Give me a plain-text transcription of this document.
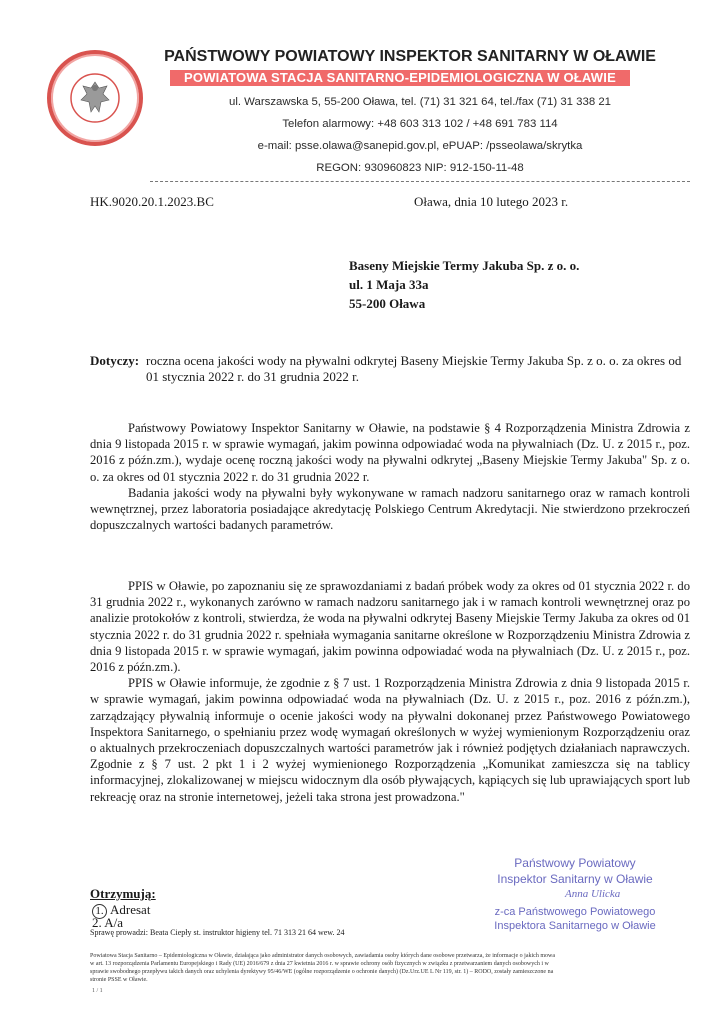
PAŃSTWOWY POWIATOWY INSPEKTOR SANITARNY W OŁAWIE
POWIATOWA STACJA SANITARNO-EPIDEMIOLOGICZNA W OŁAWIE
ul. Warszawska 5, 55-200 Oława, tel. (71) 31 321 64, tel./fax (71) 31 338 21
Telefon alarmowy: +48 603 313 102 / +48 691 783 114
e-mail: psse.olawa@sanepid.gov.pl, ePUAP: /psseolawa/skrytka
REGON: 930960823 NIP: 912-150-11-48
HK.9020.20.1.2023.BC	Oława, dnia 10 lutego 2023 r.
Baseny Miejskie Termy Jakuba Sp. z o. o.
ul. 1 Maja 33a
55-200 Oława
Dotyczy: roczna ocena jakości wody na pływalni odkrytej Baseny Miejskie Termy Jakuba Sp. z o. o. za okres od 01 stycznia 2022 r. do 31 grudnia 2022 r.

Państwowy Powiatowy Inspektor Sanitarny w Oławie, na podstawie § 4 Rozporządzenia Ministra Zdrowia z dnia 9 listopada 2015 r. w sprawie wymagań, jakim powinna odpowiadać woda na pływalniach (Dz. U. z 2015 r., poz. 2016 z późn.zm.), wydaje ocenę roczną jakości wody na pływalni odkrytej „Baseny Miejskie Termy Jakuba" Sp. z o. o. za okres od 01 stycznia 2022 r. do 31 grudnia 2022 r.

Badania jakości wody na pływalni były wykonywane w ramach nadzoru sanitarnego oraz w ramach kontroli wewnętrznej, przez laboratoria posiadające akredytację Polskiego Centrum Akredytacji. Nie stwierdzono przekroczeń dopuszczalnych wartości badanych parametrów.

PPIS w Oławie, po zapoznaniu się ze sprawozdaniami z badań próbek wody za okres od 01 stycznia 2022 r. do 31 grudnia 2022 r., wykonanych zarówno w ramach nadzoru sanitarnego jak i w ramach kontroli wewnętrznej oraz po analizie protokołów z kontroli, stwierdza, że woda na pływalni odkrytej Baseny Miejskie Termy Jakuba za okres od 01 stycznia 2022 r. do 31 grudnia 2022 r. spełniała wymagania sanitarne określone w Rozporządzeniu Ministra Zdrowia z dnia 9 listopada 2015 r. w sprawie wymagań, jakim powinna odpowiadać woda na pływalniach (Dz. U. z 2015 r., poz. 2016 z późn.zm.).

PPIS w Oławie informuje, że zgodnie z § 7 ust. 1 Rozporządzenia Ministra Zdrowia z dnia 9 listopada 2015 r. w sprawie wymagań, jakim powinna odpowiadać woda na pływalniach (Dz. U. z 2015 r., poz. 2016 z późn.zm.), zarządzający pływalnią informuje o ocenie jakości wody na pływalni dokonanej przez Państwowego Powiatowego Inspektora Sanitarnego, o spełnianiu przez wodę wymagań określonych w wyżej wymienionym Rozporządzeniu oraz o aktualnych przekroczeniach dopuszczalnych wartości parametrów jak i również podjętych działaniach naprawczych. Zgodnie z § 7 ust. 2 pkt 1 i 2 wyżej wymienionego Rozporządzenia „Komunikat zamieszcza się na tablicy informacyjnej, zlokalizowanej w miejscu widocznym dla osób pływających, kąpiących się lub uprawiających sport lub rekreację oraz na stronie internetowej, jeżeli taka strona jest prowadzona."

Państwowy Powiatowy
Inspektor Sanitarny w Oławie
Anna Ulicka
z-ca Państwowego Powiatowego
Inspektora Sanitarnego w Oławie
Otrzymują:
1. Adresat
2. A/a
Sprawę prowadzi: Beata Ciepły st. instruktor higieny tel. 71 313 21 64 wew. 24
Powiatowa Stacja Sanitarno – Epidemiologiczna w Oławie, działająca jako administrator danych osobowych, zawiadamia osoby których dane osobowe przetwarza, że informacje o jakich mowa w art. 13 rozporządzenia Parlamentu Europejskiego i Rady (UE) 2016/679 z dnia 27 kwietnia 2016 r. w sprawie ochrony osób fizycznych w związku z przetwarzaniem danych osobowych i w sprawie swobodnego przepływu takich danych oraz uchylenia dyrektywy 95/46/WE (ogólne rozporządzenie o ochronie danych) (Dz.Urz.UE L Nr 119, str. 1) – RODO, zostały zamieszczone na stronie PSSE w Oławie.
1 / 1
